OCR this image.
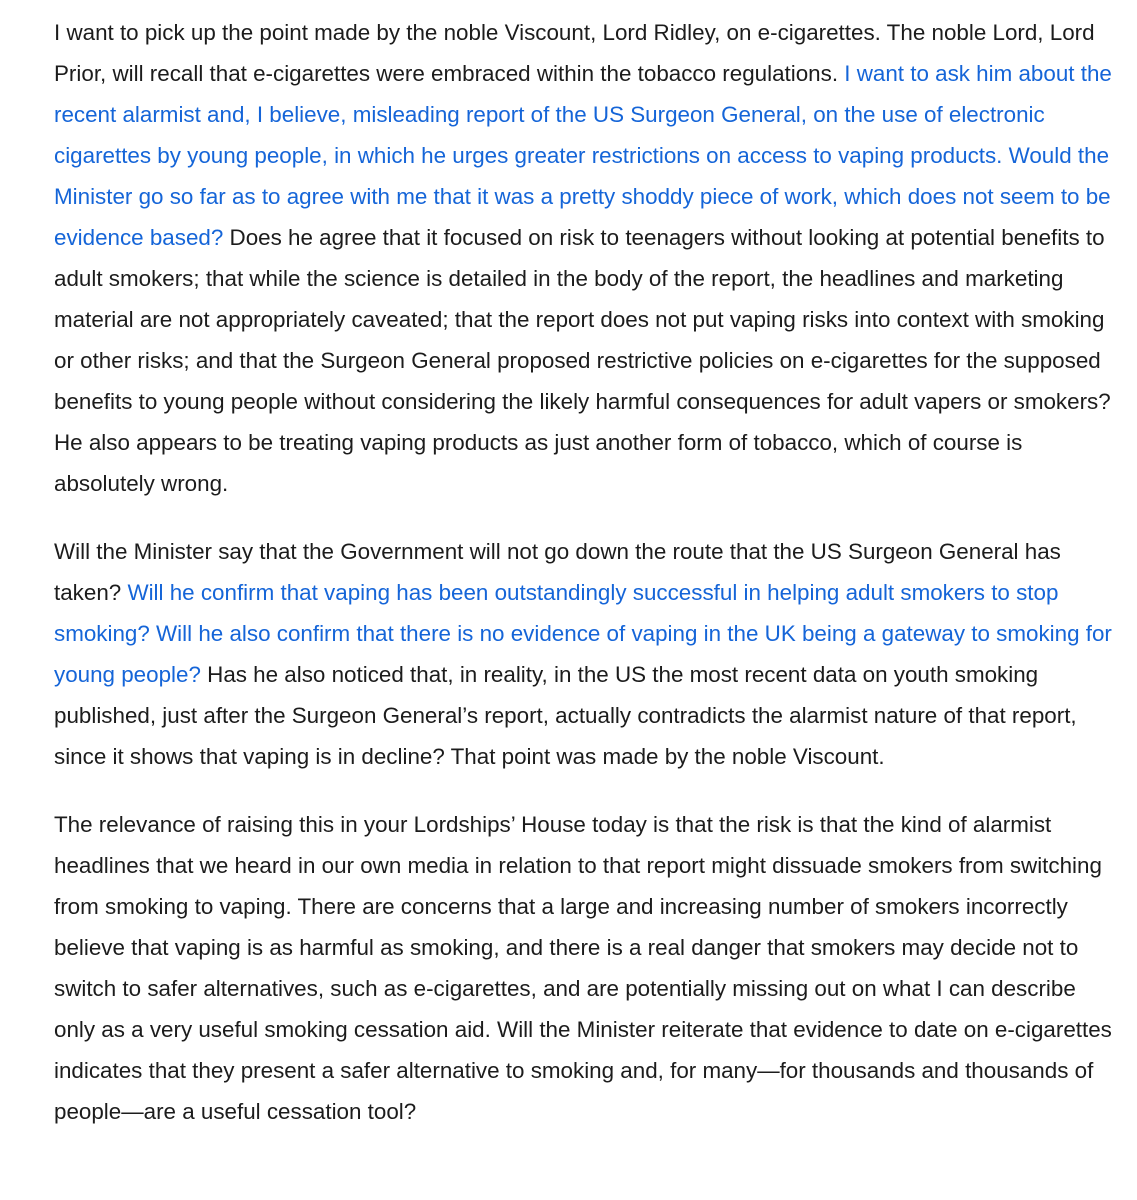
I want to pick up the point made by the noble Viscount, Lord Ridley, on e-cigarettes. The noble Lord, Lord Prior, will recall that e-cigarettes were embraced within the tobacco regulations. I want to ask him about the recent alarmist and, I believe, misleading report of the US Surgeon General, on the use of electronic cigarettes by young people, in which he urges greater restrictions on access to vaping products. Would the Minister go so far as to agree with me that it was a pretty shoddy piece of work, which does not seem to be evidence based? Does he agree that it focused on risk to teenagers without looking at potential benefits to adult smokers; that while the science is detailed in the body of the report, the headlines and marketing material are not appropriately caveated; that the report does not put vaping risks into context with smoking or other risks; and that the Surgeon General proposed restrictive policies on e-cigarettes for the supposed benefits to young people without considering the likely harmful consequences for adult vapers or smokers? He also appears to be treating vaping products as just another form of tobacco, which of course is absolutely wrong.

Will the Minister say that the Government will not go down the route that the US Surgeon General has taken? Will he confirm that vaping has been outstandingly successful in helping adult smokers to stop smoking? Will he also confirm that there is no evidence of vaping in the UK being a gateway to smoking for young people? Has he also noticed that, in reality, in the US the most recent data on youth smoking published, just after the Surgeon General’s report, actually contradicts the alarmist nature of that report, since it shows that vaping is in decline? That point was made by the noble Viscount.

The relevance of raising this in your Lordships’ House today is that the risk is that the kind of alarmist headlines that we heard in our own media in relation to that report might dissuade smokers from switching from smoking to vaping. There are concerns that a large and increasing number of smokers incorrectly believe that vaping is as harmful as smoking, and there is a real danger that smokers may decide not to switch to safer alternatives, such as e-cigarettes, and are potentially missing out on what I can describe only as a very useful smoking cessation aid. Will the Minister reiterate that evidence to date on e-cigarettes indicates that they present a safer alternative to smoking and, for many—for thousands and thousands of people—are a useful cessation tool?
